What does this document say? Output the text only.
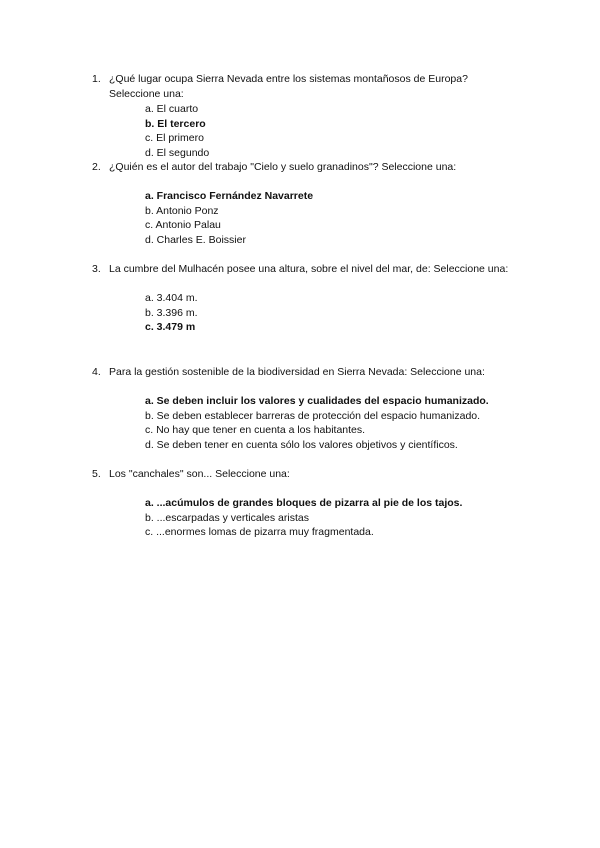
1. ¿Qué lugar ocupa Sierra Nevada entre los sistemas montañosos de Europa? Seleccione una:
a. El cuarto
b. El tercero
c. El primero
d. El segundo
2. ¿Quién es el autor del trabajo "Cielo y suelo granadinos"? Seleccione una:
a. Francisco Fernández Navarrete
b. Antonio Ponz
c. Antonio Palau
d. Charles E. Boissier
3. La cumbre del Mulhacén posee una altura, sobre el nivel del mar, de: Seleccione una:
a. 3.404 m.
b. 3.396 m.
c. 3.479 m
4. Para la gestión sostenible de la biodiversidad en Sierra Nevada: Seleccione una:
a. Se deben incluir los valores y cualidades del espacio humanizado.
b. Se deben establecer barreras de protección del espacio humanizado.
c. No hay que tener en cuenta a los habitantes.
d. Se deben tener en cuenta sólo los valores objetivos y científicos.
5. Los "canchales" son... Seleccione una:
a. ...acúmulos de grandes bloques de pizarra al pie de los tajos.
b. ...escarpadas y verticales aristas
c. ...enormes lomas de pizarra muy fragmentada.
